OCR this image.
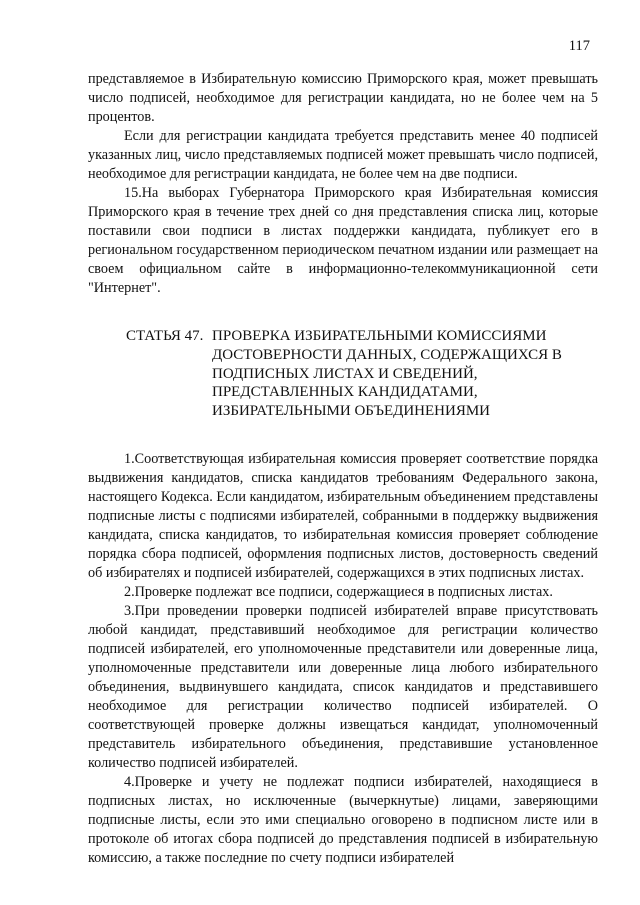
117

представляемое в Избирательную комиссию Приморского края, может превышать число подписей, необходимое для регистрации кандидата, но не более чем на 5 процентов.

Если для регистрации кандидата требуется представить менее 40 подписей указанных лиц, число представляемых подписей может превышать число подписей, необходимое для регистрации кандидата, не более чем на две подписи.

15.На выборах Губернатора Приморского края Избирательная комиссия Приморского края в течение трех дней со дня представления списка лиц, которые поставили свои подписи в листах поддержки кандидата, публикует его в региональном государственном периодическом печатном издании или размещает на своем официальном сайте в информационно-телекоммуникационной сети "Интернет".

СТАТЬЯ 47. ПРОВЕРКА ИЗБИРАТЕЛЬНЫМИ КОМИССИЯМИ ДОСТОВЕРНОСТИ ДАННЫХ, СОДЕРЖАЩИХСЯ В ПОДПИСНЫХ ЛИСТАХ И СВЕДЕНИЙ, ПРЕДСТАВЛЕННЫХ КАНДИДАТАМИ, ИЗБИРАТЕЛЬНЫМИ ОБЪЕДИНЕНИЯМИ

1.Соответствующая избирательная комиссия проверяет соответствие порядка выдвижения кандидатов, списка кандидатов требованиям Федерального закона, настоящего Кодекса. Если кандидатом, избирательным объединением представлены подписные листы с подписями избирателей, собранными в поддержку выдвижения кандидата, списка кандидатов, то избирательная комиссия проверяет соблюдение порядка сбора подписей, оформления подписных листов, достоверность сведений об избирателях и подписей избирателей, содержащихся в этих подписных листах.

2.Проверке подлежат все подписи, содержащиеся в подписных листах.

3.При проведении проверки подписей избирателей вправе присутствовать любой кандидат, представивший необходимое для регистрации количество подписей избирателей, его уполномоченные представители или доверенные лица, уполномоченные представители или доверенные лица любого избирательного объединения, выдвинувшего кандидата, список кандидатов и представившего необходимое для регистрации количество подписей избирателей. О соответствующей проверке должны извещаться кандидат, уполномоченный представитель избирательного объединения, представившие установленное количество подписей избирателей.

4.Проверке и учету не подлежат подписи избирателей, находящиеся в подписных листах, но исключенные (вычеркнутые) лицами, заверяющими подписные листы, если это ими специально оговорено в подписном листе или в протоколе об итогах сбора подписей до представления подписей в избирательную комиссию, а также последние по счету подписи избирателей
